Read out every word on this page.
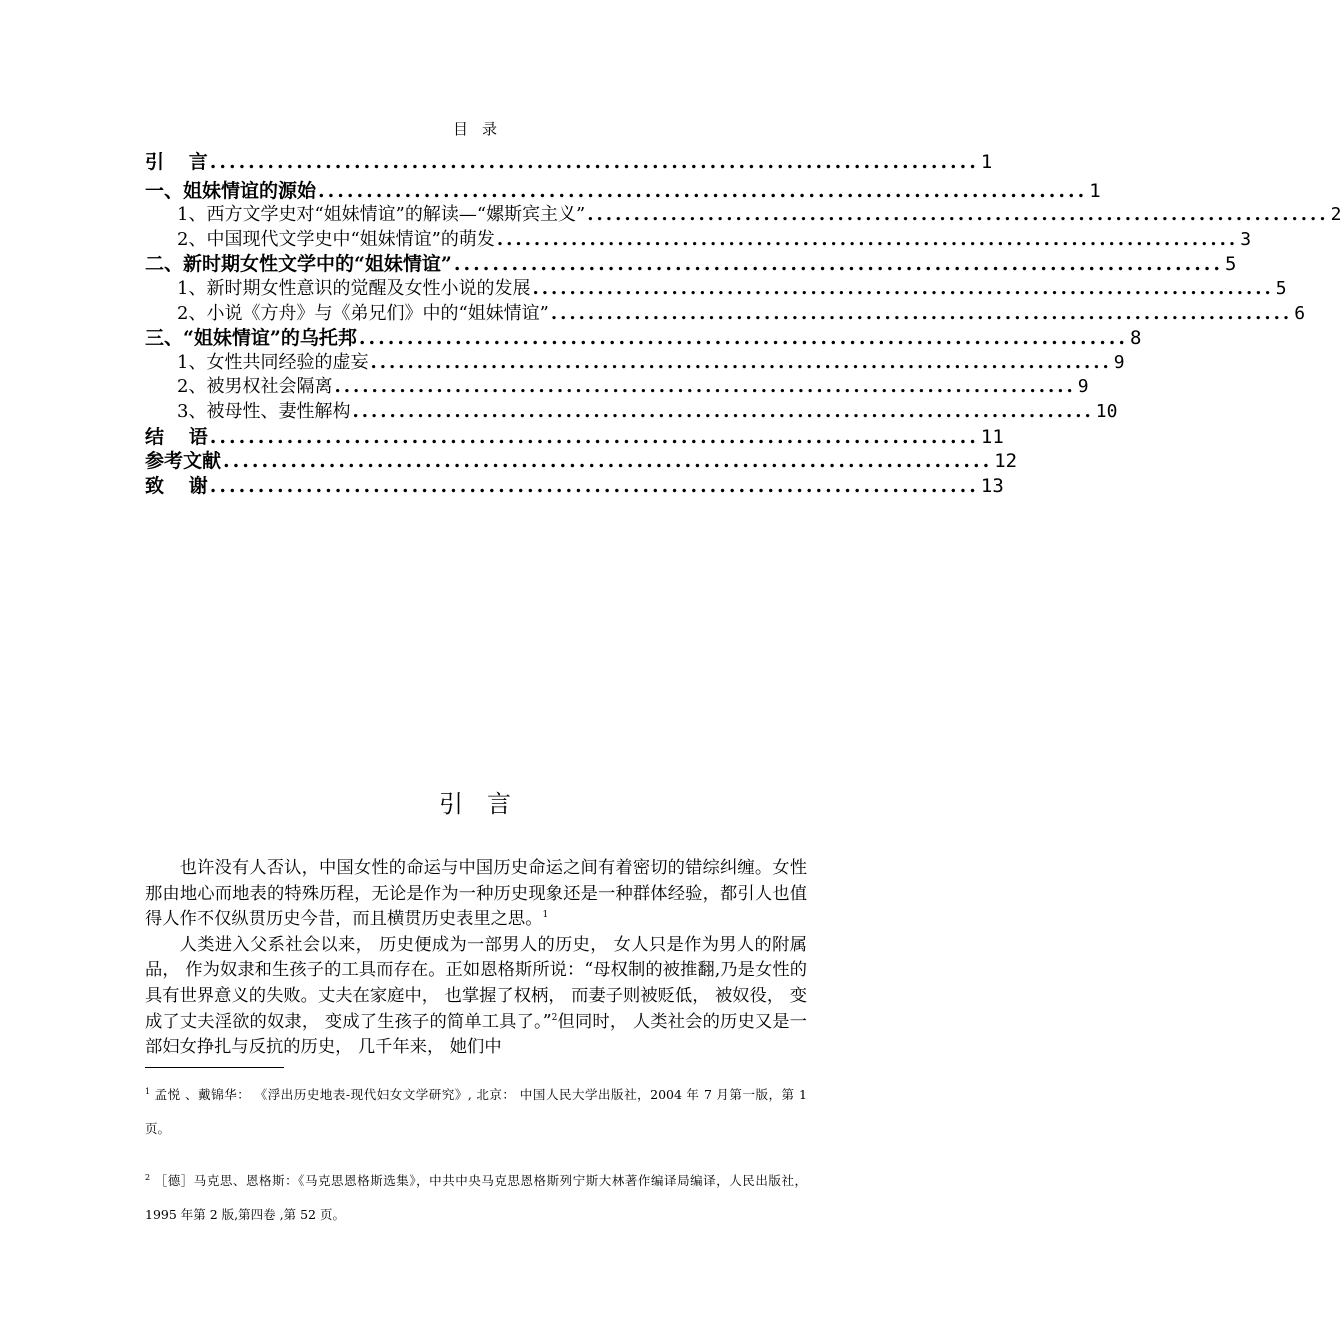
目录
引 言 ................................................................................ 1
一、姐妹情谊的源始 ................................................................................ 1
1、西方文学史对“姐妹情谊”的解读—“嫘斯宾主义” ................................................................................ 2
2、中国现代文学史中“姐妹情谊”的萌发 ................................................................................ 3
二、新时期女性文学中的“姐妹情谊” ................................................................................ 5
1、新时期女性意识的觉醒及女性小说的发展 ................................................................................ 5
2、小说《方舟》与《弟兄们》中的“姐妹情谊” ................................................................................ 6
三、“姐妹情谊”的乌托邦 ................................................................................ 8
1、女性共同经验的虚妄 ................................................................................ 9
2、被男权社会隔离 ................................................................................ 9
3、被母性、妻性解构 ................................................................................ 10
结 语 ................................................................................ 11
参考文献 ................................................................................ 12
致 谢 ................................................................................ 13
引言

也许没有人否认，中国女性的命运与中国历史命运之间有着密切的错综纠缠。女性那由地心而地表的特殊历程，无论是作为一种历史现象还是一种群体经验，都引人也值得人作不仅纵贯历史今昔，而且横贯历史表里之思。$^1$

人类进入父系社会以来， 历史便成为一部男人的历史， 女人只是作为男人的附属品， 作为奴隶和生孩子的工具而存在。正如恩格斯所说：“母权制的被推翻,乃是女性的具有世界意义的失败。丈夫在家庭中， 也掌握了权柄， 而妻子则被贬低， 被奴役， 变成了丈夫淫欲的奴隶， 变成了生孩子的简单工具了。”$^2$但同时， 人类社会的历史又是一部妇女挣扎与反抗的历史， 几千年来， 她们中

$^1$ 孟悦 、戴锦华： 《浮出历史地表-现代妇女文学研究》, 北京： 中国人民大学出版社，2004 年 7 月第一版，第 1 页。
$^2$ ［德］马克思、恩格斯：《马克思恩格斯选集》，中共中央马克思恩格斯列宁斯大林著作编译局编译，人民出版社，1995 年第 2 版,第四卷 ,第 52 页。
